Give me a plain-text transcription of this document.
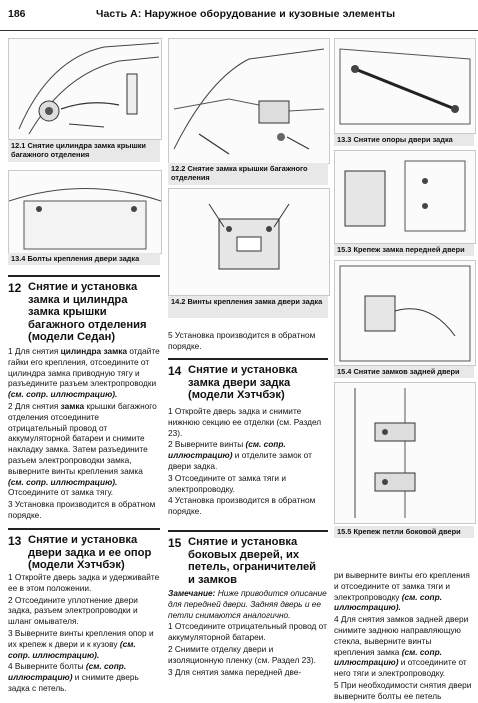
186	Часть А: Наружное оборудование и кузовные элементы
12.1 Снятие цилиндра замка крышки багажного отделения
12.2 Снятие замка крышки багажного отделения
13.3 Снятие опоры двери задка
13.4 Болты крепления двери задка
14.2 Винты крепления замка двери задка
15.3 Крепеж замка передней двери
15.4 Снятие замков задней двери
15.5 Крепеж петли боковой двери
12 Снятие и установка замка и цилиндра замка крышки багажного отделения (модели Седан)

1 Для снятия цилиндра замка отдайте гайки его крепления, отсоедините от цилиндра замка приводную тягу и разъедините разъем электропроводки (см. сопр. иллюстрацию).

2 Для снятия замка крышки багажного отделения отсоедините отрицательный провод от аккумуляторной батареи и снимите накладку замка. Затем разъедините разъем электропроводки замка, выверните винты крепления замка (см. сопр. иллюстрацию). Отсоедините от замка тягу.

3 Установка производится в обратном порядке.

13 Снятие и установка двери задка и ее опор (модели Хэтчбэк)

1 Откройте дверь задка и удерживайте ее в этом положении.

2 Отсоедините уплотнение двери задка, разъем электропроводки и шланг омывателя.

3 Выверните винты крепления опор и их крепеж к двери и к кузову (см. сопр. иллюстрацию).

4 Выверните болты (см. сопр. иллюстрацию) и снимите дверь задка с петель.

5 Установка производится в обратном порядке.

14 Снятие и установка замка двери задка (модели Хэтчбэк)

1 Откройте дверь задка и снимите нижнюю секцию ее отделки (см. Раздел 23).

2 Выверните винты (см. сопр. иллюстрацию) и отделите замок от двери задка.

3 Отсоедините от замка тяги и электропроводку.

4 Установка производится в обратном порядке.

15 Снятие и установка боковых дверей, их петель, ограничителей и замков

Замечание: Ниже приводится описание для передней двери. Задняя дверь и ее петли снимаются аналогично.

1 Отсоедините отрицательный провод от аккумуляторной батареи.

2 Снимите отделку двери и изоляционную пленку (см. Раздел 23).

3 Для снятия замка передней две-

ри выверните винты его крепления и отсоедините от замка тяги и электропроводку (см. сопр. иллюстрацию).

4 Для снятия замков задней двери снимите заднюю направляющую стекла, выверните винты крепления замка (см. сопр. иллюстрацию) и отсоедините от него тяги и электропроводку.

5 При необходимости снятия двери выверните болты ее петель
